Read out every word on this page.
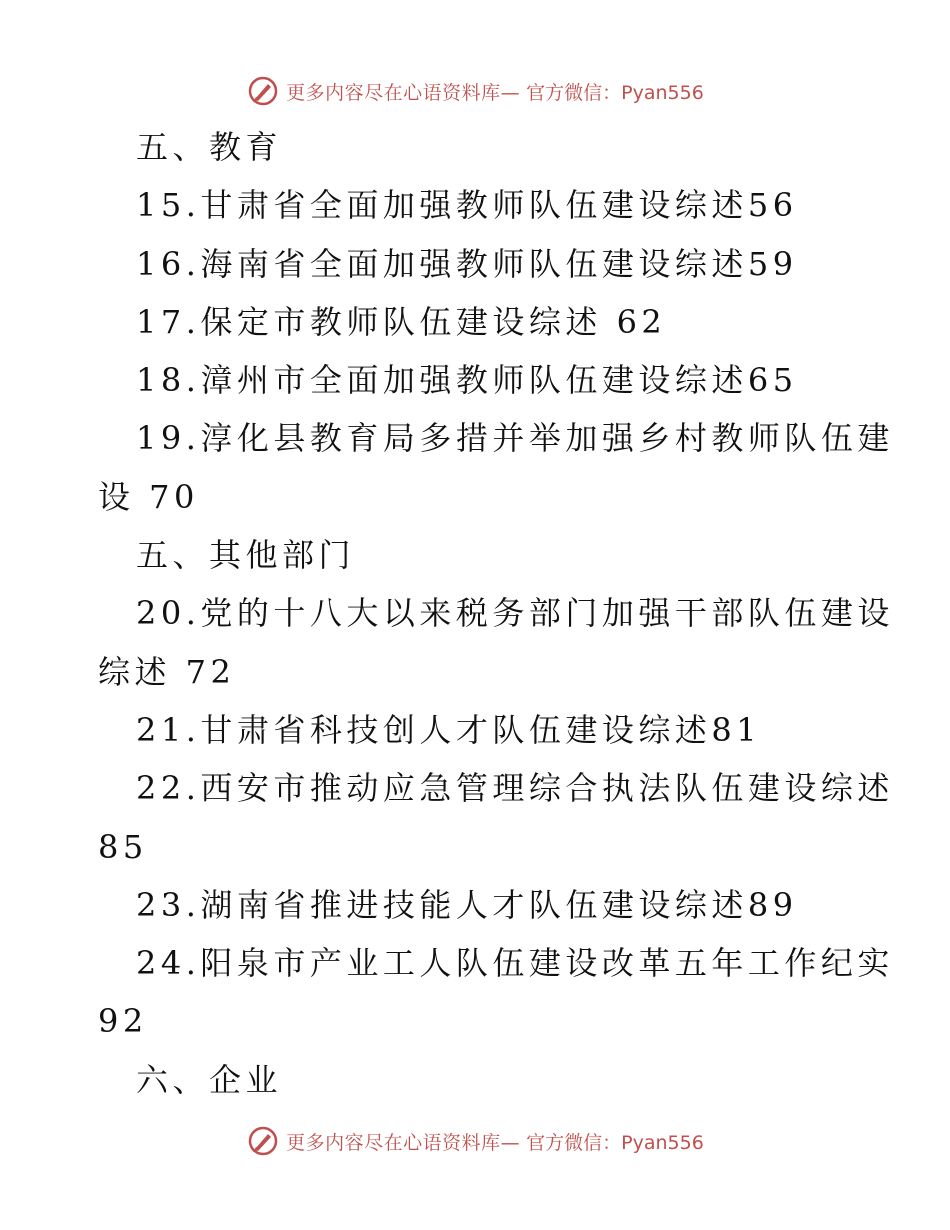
更多内容尽在心语资料库— 官方微信：Pyan556
五、教育
15.甘肃省全面加强教师队伍建设综述56
16.海南省全面加强教师队伍建设综述59
17.保定市教师队伍建设综述 62
18.漳州市全面加强教师队伍建设综述65
19.淳化县教育局多措并举加强乡村教师队伍建
设 70
五、其他部门
20.党的十八大以来税务部门加强干部队伍建设
综述 72
21.甘肃省科技创人才队伍建设综述81
22.西安市推动应急管理综合执法队伍建设综述
85
23.湖南省推进技能人才队伍建设综述89
24.阳泉市产业工人队伍建设改革五年工作纪实
92
六、企业
更多内容尽在心语资料库— 官方微信：Pyan556
